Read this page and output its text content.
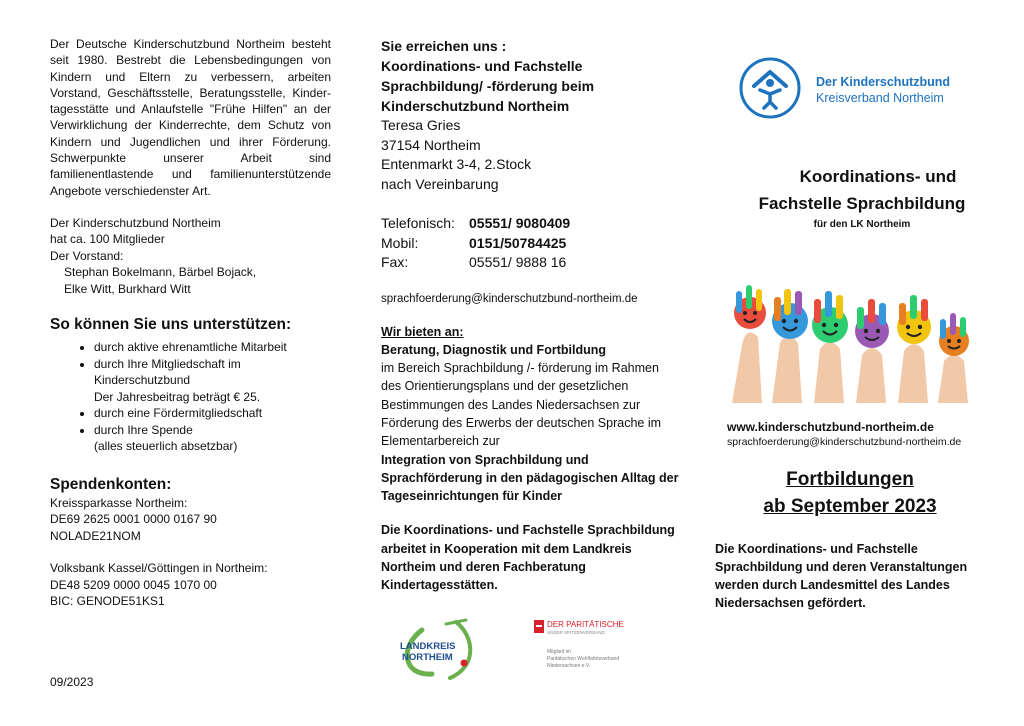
Der Deutsche Kinderschutzbund Northeim besteht seit 1980. Bestrebt die Lebensbedingungen von Kindern und Eltern zu verbessern, arbeiten Vorstand, Geschäftsstelle, Beratungsstelle, Kinder-tagesstätte und Anlaufstelle "Frühe Hilfen" an der Verwirklichung der Kinderrechte, dem Schutz von Kindern und Jugendlichen und ihrer Förderung. Schwerpunkte unserer Arbeit sind familienentlastende und familienunterstützende Angebote verschiedenster Art.

Der Kinderschutzbund Northeim

hat ca. 100 Mitglieder

Der Vorstand:

Stephan Bokelmann, Bärbel Bojack,

Elke Witt, Burkhard Witt

So können Sie uns unterstützen:
• durch aktive ehrenamtliche Mitarbeit
• durch Ihre Mitgliedschaft im Kinderschutzbund
Der Jahresbeitrag beträgt € 25.
• durch eine Fördermitgliedschaft
• durch Ihre Spende
(alles steuerlich absetzbar)
Spendenkonten:

Kreissparkasse Northeim:

DE69 2625 0001 0000 0167 90

NOLADE21NOM

Volksbank Kassel/Göttingen in Northeim:

DE48 5209 0000 0045 1070 00

BIC: GENODE51KS1

09/2023

Sie erreichen uns :

Koordinations- und Fachstelle

Sprachbildung/ -förderung beim

Kinderschutzbund Northeim

Teresa Gries

37154 Northeim

Entenmarkt 3-4, 2.Stock

nach Vereinbarung

Telefonisch:	05551/ 9080409
Mobil:	0151/50784425
Fax:	05551/ 9888 16

sprachfoerderung@kinderschutzbund-northeim.de

Wir bieten an:

Beratung, Diagnostik und Fortbildung
im Bereich Sprachbildung /- förderung im Rahmen des Orientierungsplans und der gesetzlichen Bestimmungen des Landes Niedersachsen zur Förderung des Erwerbs der deutschen Sprache im Elementarbereich zur
Integration von Sprachbildung und Sprachförderung in den pädagogischen Alltag der Tageseinrichtungen für Kinder

Die Koordinations- und Fachstelle Sprachbildung arbeitet in Kooperation mit dem Landkreis Northeim und deren Fachberatung Kindertagesstätten.

LANDKREIS
NORTHEIM
DER PARITÄTISCHE
UNSER SPITZENVERBAND
Mitglied im
Paritätischen Wohlfahrtsverband
Niedersachsen e.V.
Der Kinderschutzbund
Kreisverband Northeim

Koordinations- und

Fachstelle Sprachbildung

für den LK Northeim

www.kinderschutzbund-northeim.de

sprachfoerderung@kinderschutzbund-northeim.de

Fortbildungen

ab September 2023

Die Koordinations- und Fachstelle Sprachbildung und deren Veranstaltungen werden durch Landesmittel des Landes Niedersachsen gefördert.
